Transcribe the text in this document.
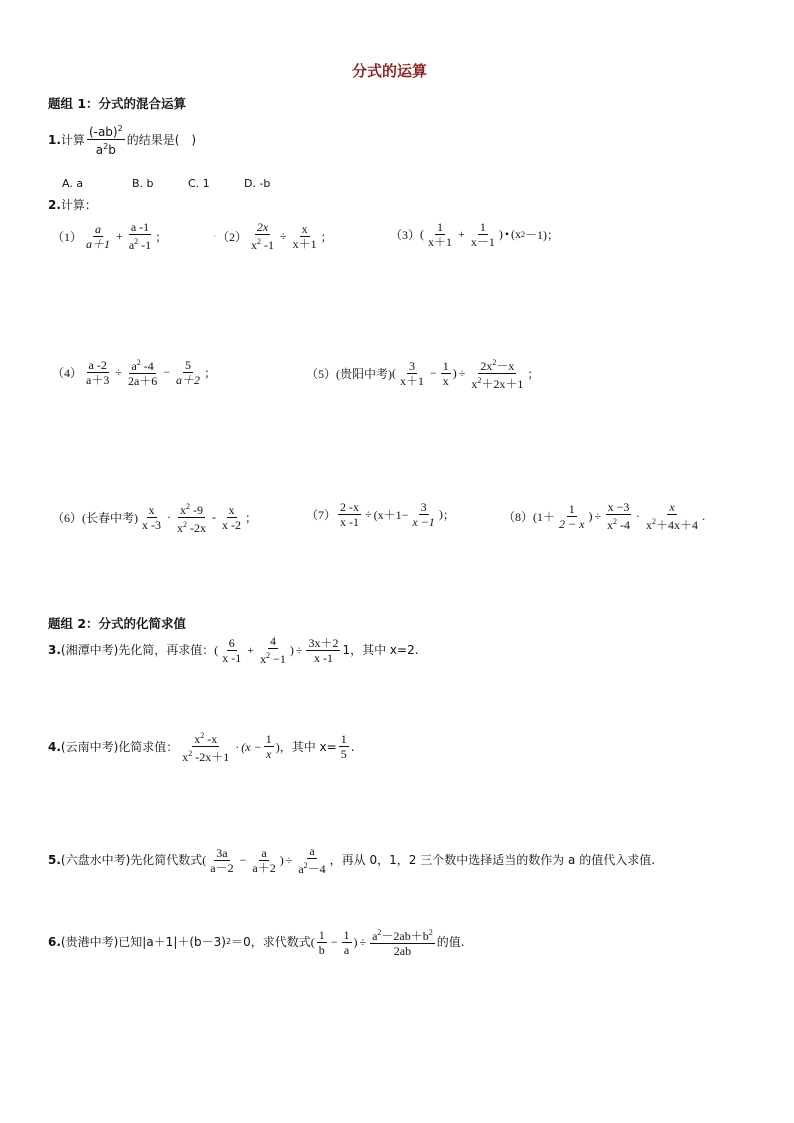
分式的运算
题组 1：分式的混合运算
1. 计算 $\frac{(-ab)^2}{a^2b}$ 的结果是(　)
A. a	B. b	C. 1	D. -b
2.计算：
$(1) \frac{a}{a+1} + \frac{a -1}{a^2 -1}$ ；	· $(2) \frac{2x}{x^2 -1} \div \frac{x}{x+1}$ ；	（3） ( $\frac{1}{x+1} + \frac{1}{x-1}$ ) • (x 2 －1)；
$(4) \frac{a -2}{a+3} \div \frac{a^2 -4}{2a+6} - \frac{5}{a+2}$ ；	（5）(贵阳中考) ( $\frac{3}{x+1} - \frac{1}{x}$ ) ÷ $\frac{2x^2-x}{x^2+2x+1}$ ；
（6）(长春中考) $\frac{x}{x -3} \cdot \frac{x^2 -9}{x^2 -2x} - \frac{x}{x -2}$ ；	$(7) \frac{2 -x}{x -1} \div (x+1- \frac{3}{x -1}$ ) ；	（8） ($1+ \frac{1}{2 - x}$ ) ÷ $\frac{x -3}{x^2 -4} \cdot \frac{x}{x^2+4x+4}$ .
题组 2：分式的化简求值
3. (湘潭中考)先化简，再求值： ( $\frac{6}{x -1} + \frac{4}{x^2 -1}$ ) ÷ $\frac{3x+2}{x -1} 1$，其中 x=2.
4. (云南中考)化简求值： $\frac{x^2 -x}{x^2 -2x+1} \cdot (x - \frac{1}{x}$ ) ，其中 $x= \frac{1}{5}$ .
5. (六盘水中考)先化简代数式 ( $\frac{3a}{a-2} - \frac{a}{a+2}$ ) ÷ $\frac{a}{a^2-4}$ ，再从 0，1，2 三个数中选择适当的数作为 a 的值代入求值.
6. (贵港中考)已知|a＋1|＋(b－3) 2 ＝0，求代数式 ( $\frac{1}{b} - \frac{1}{a}$ ) ÷ $\frac{a^2-2ab+b^2}{2ab}$ 的值.
